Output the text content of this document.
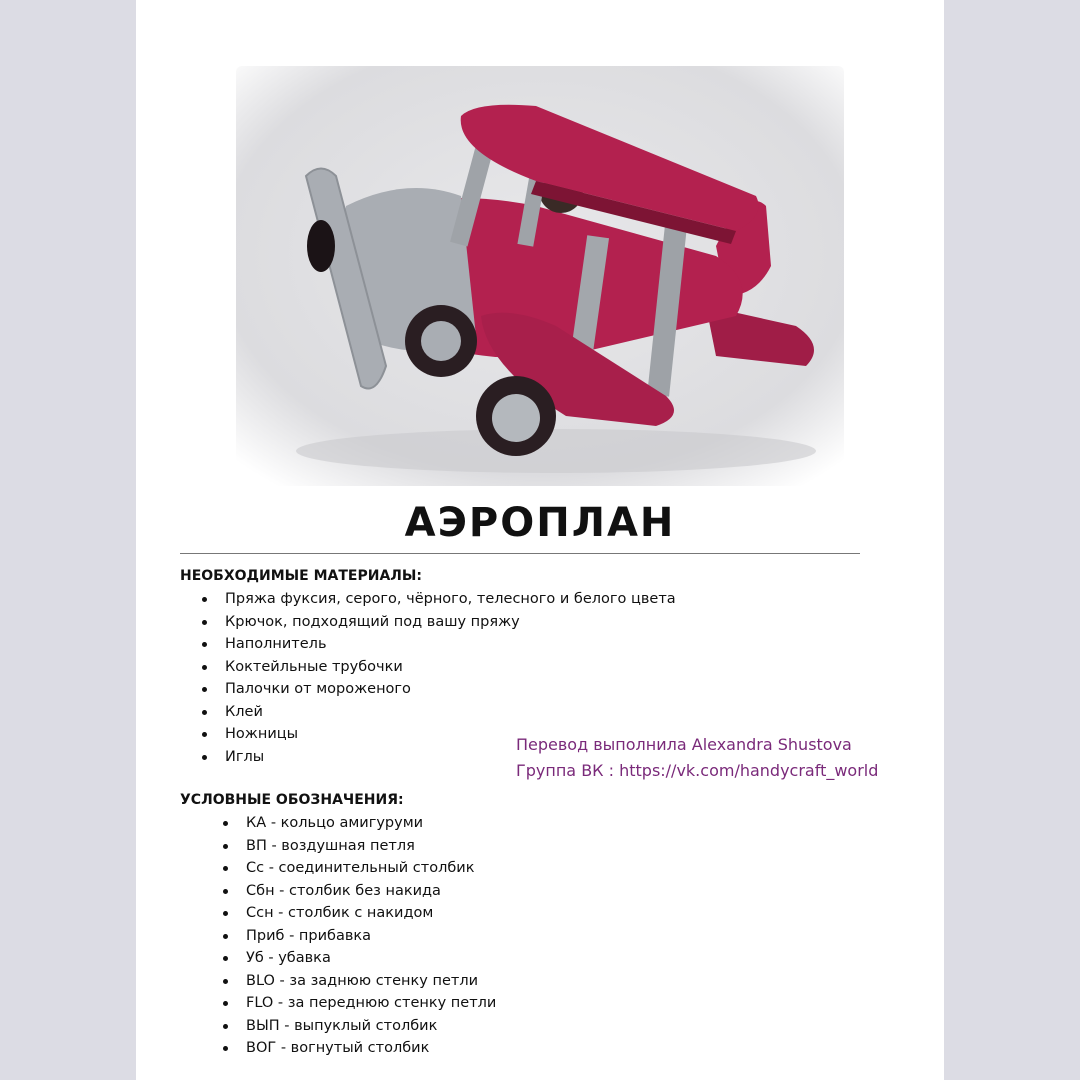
АЭРОПЛАН

НЕОБХОДИМЫЕ МАТЕРИАЛЫ:

Пряжа фуксия, серого, чёрного, телесного и белого цвета
Крючок, подходящий под вашу пряжу
Наполнитель
Коктейльные трубочки
Палочки от мороженого
Клей
Ножницы
Иглы

УСЛОВНЫЕ ОБОЗНАЧЕНИЯ:

КА - кольцо амигуруми
ВП - воздушная петля
Сс - соединительный столбик
Сбн - столбик без накида
Ссн - столбик с накидом
Приб - прибавка
Уб - убавка
BLO - за заднюю стенку петли
FLO - за переднюю стенку петли
ВЫП - выпуклый столбик
ВОГ - вогнутый столбик
Перевод выполнила Alexandra Shustova
Группа ВК : https://vk.com/handycraft_world
